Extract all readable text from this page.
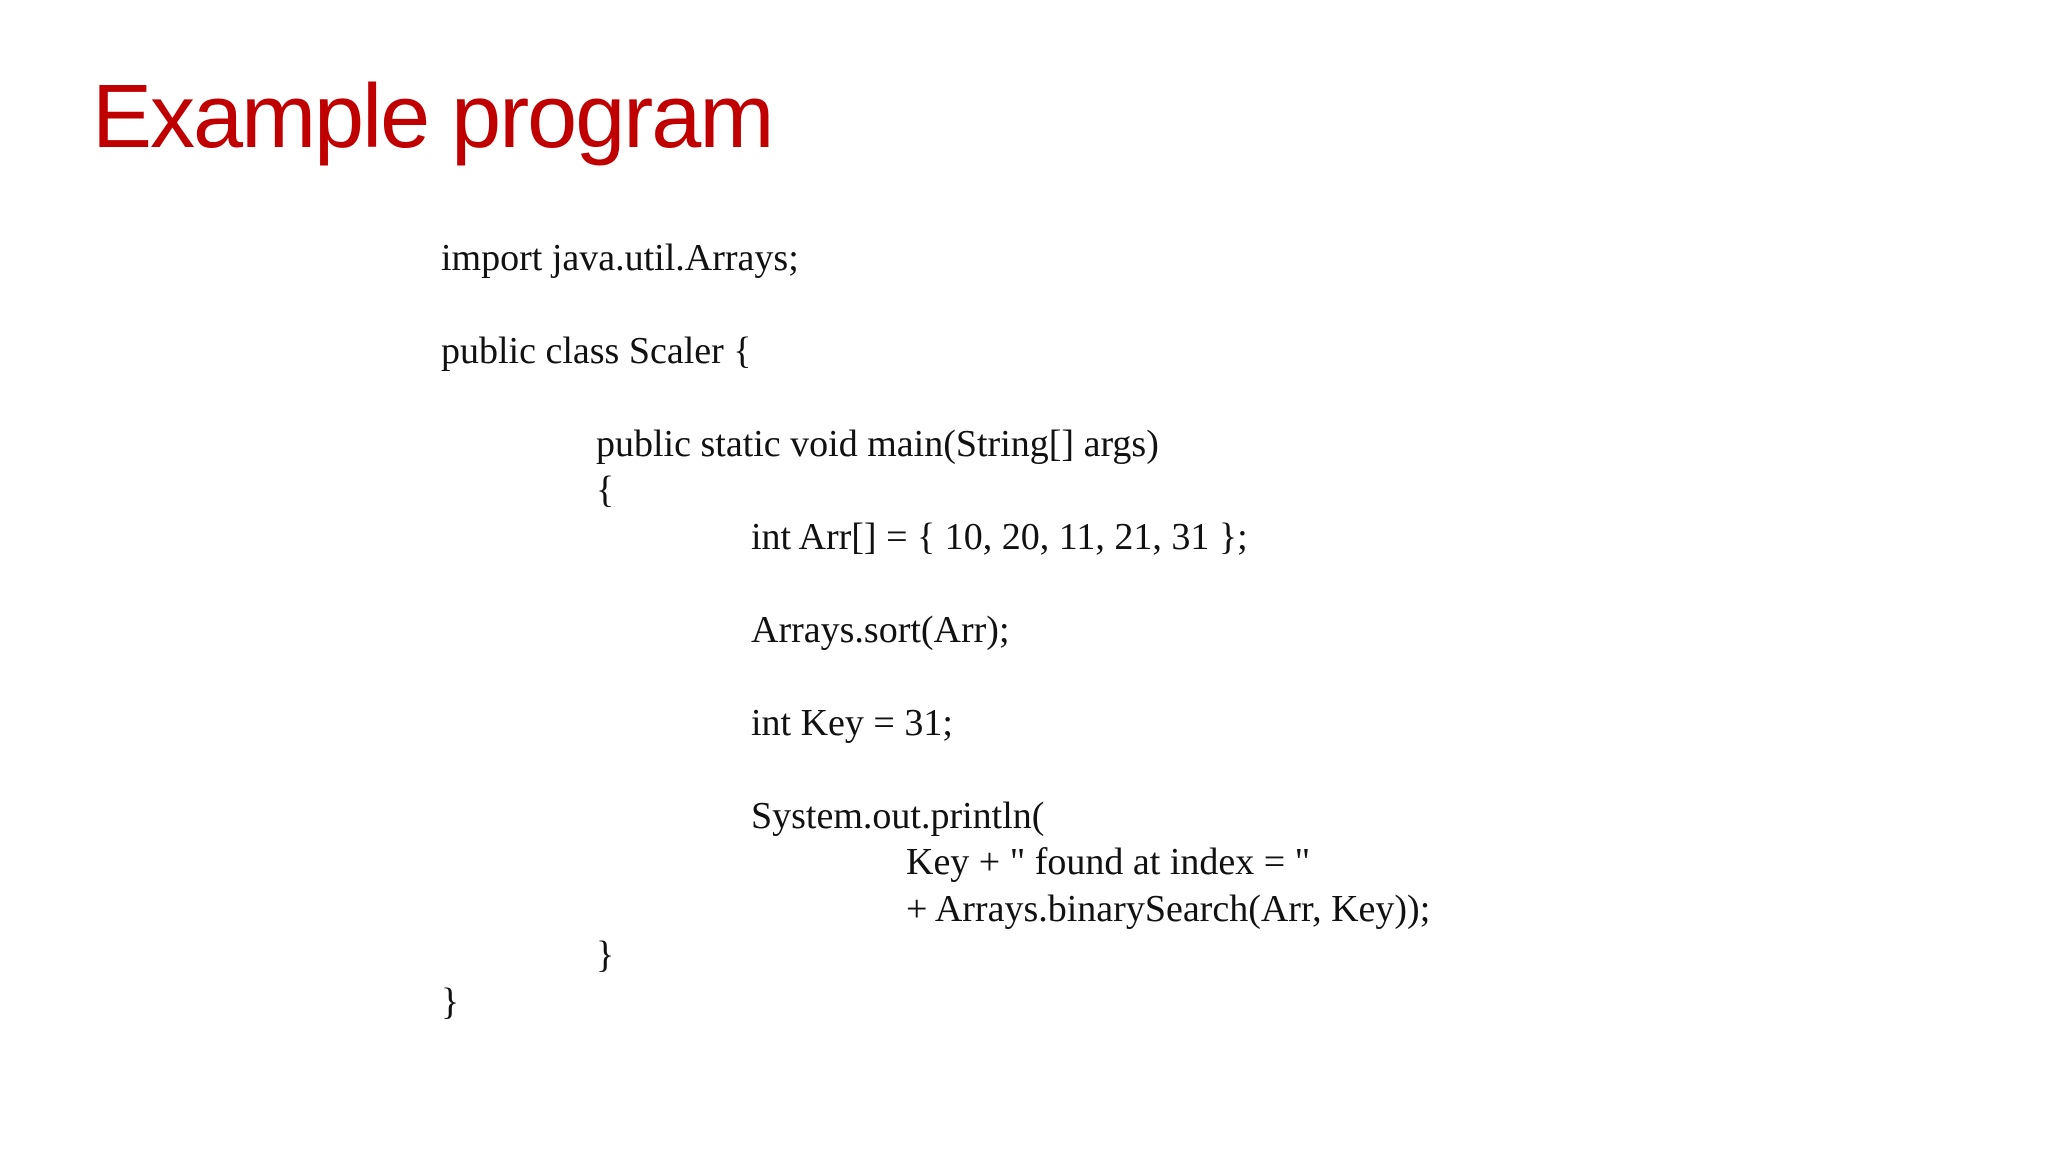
Example program
import java.util.Arrays;
public class Scaler {
public static void main(String[] args)
{
int Arr[] = { 10, 20, 11, 21, 31 };
Arrays.sort(Arr);
int Key = 31;
System.out.println(
Key + " found at index = "
+ Arrays.binarySearch(Arr, Key));
}
}
